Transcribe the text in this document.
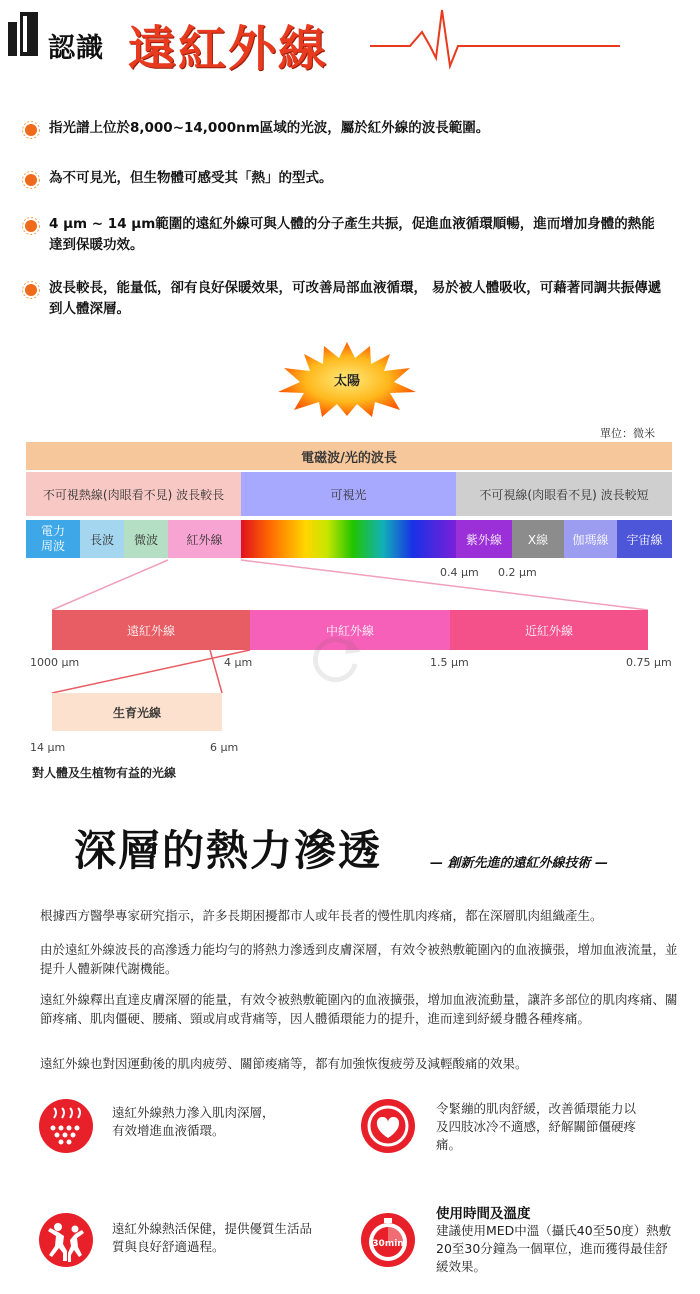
認識 遠紅外線
指光譜上位於8,000~14,000nm區域的光波，屬於紅外線的波長範圍。
為不可見光，但生物體可感受其「熱」的型式。
4 μm ~ 14 μm範圍的遠紅外線可與人體的分子產生共振，促進血液循環順暢，進而增加身體的熱能達到保暖功效。
波長較長，能量低，卻有良好保暖效果，可改善局部血液循環， 易於被人體吸收，可藉著同調共振傳遞到人體深層。
太陽
單位：微米
電磁波/光的波長
不可視熱線(肉眼看不見) 波長較長	可視光	不可視線(肉眼看不見) 波長較短
電力
周波	長波	微波	紅外線	紫外線	X線	伽瑪線	宇宙線
0.4 μm 0.2 μm
遠紅外線	中紅外線	近紅外線
1000 μm	4 μm	1.5 μm	0.75 μm
生育光線
14 μm	6 μm
對人體及生植物有益的光線
深層的熱力滲透	— 創新先進的遠紅外線技術 —
根據西方醫學專家研究指示，許多長期困擾都市人或年長者的慢性肌肉疼痛，都在深層肌肉組織產生。
由於遠紅外線波長的高滲透力能均勻的將熱力滲透到皮膚深層，有效令被熱敷範圍內的血液擴張，增加血液流量，並提升人體新陳代謝機能。
遠紅外線釋出直達皮膚深層的能量，有效令被熱敷範圍內的血液擴張，增加血液流動量，讓許多部位的肌肉疼痛、關節疼痛、肌肉僵硬、腰痛、頸或肩或背痛等，因人體循環能力的提升，進而達到紓緩身體各種疼痛。
遠紅外線也對因運動後的肌肉疲勞、關節痠痛等，都有加強恢復疲勞及減輕酸痛的效果。
遠紅外線熱力滲入肌肉深層，有效增進血液循環。
令緊繃的肌肉舒緩，改善循環能力以及四肢冰冷不適感，紓解關節僵硬疼痛。
遠紅外線熱活保健，提供優質生活品質與良好舒適過程。	30min
使用時間及溫度
建議使用MED中溫（攝氏40至50度）熱敷20至30分鐘為一個單位，進而獲得最佳舒緩效果。
